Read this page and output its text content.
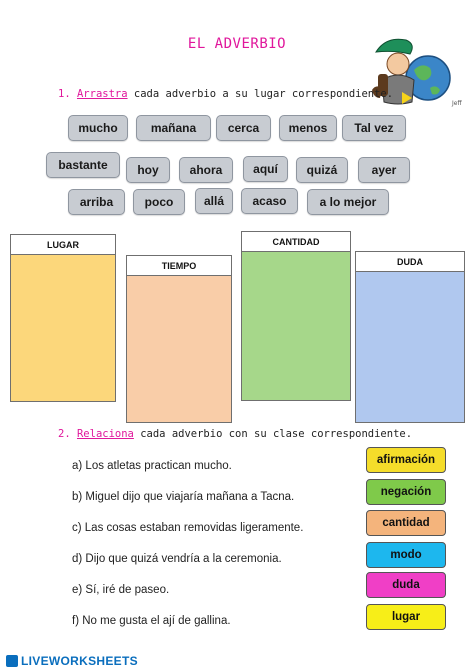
EL ADVERBIO
Jeff
1. Arrastra cada adverbio a su lugar correspondiente.
mucho	mañana	cerca	menos	Tal vez
bastante	hoy	ahora	aquí	quizá	ayer
arriba	poco	allá	acaso	a lo mejor
LUGAR
TIEMPO
CANTIDAD
DUDA
2. Relaciona cada adverbio con su clase correspondiente.
a) Los atletas practican mucho.
b) Miguel dijo que viajaría mañana a Tacna.
c) Las cosas estaban removidas ligeramente.
d) Dijo que quizá vendría a la ceremonia.
e) Sí, iré de paseo.
f) No me gusta el ají de gallina.
afirmación
negación
cantidad
modo
duda
lugar
LIVEWORKSHEETS
